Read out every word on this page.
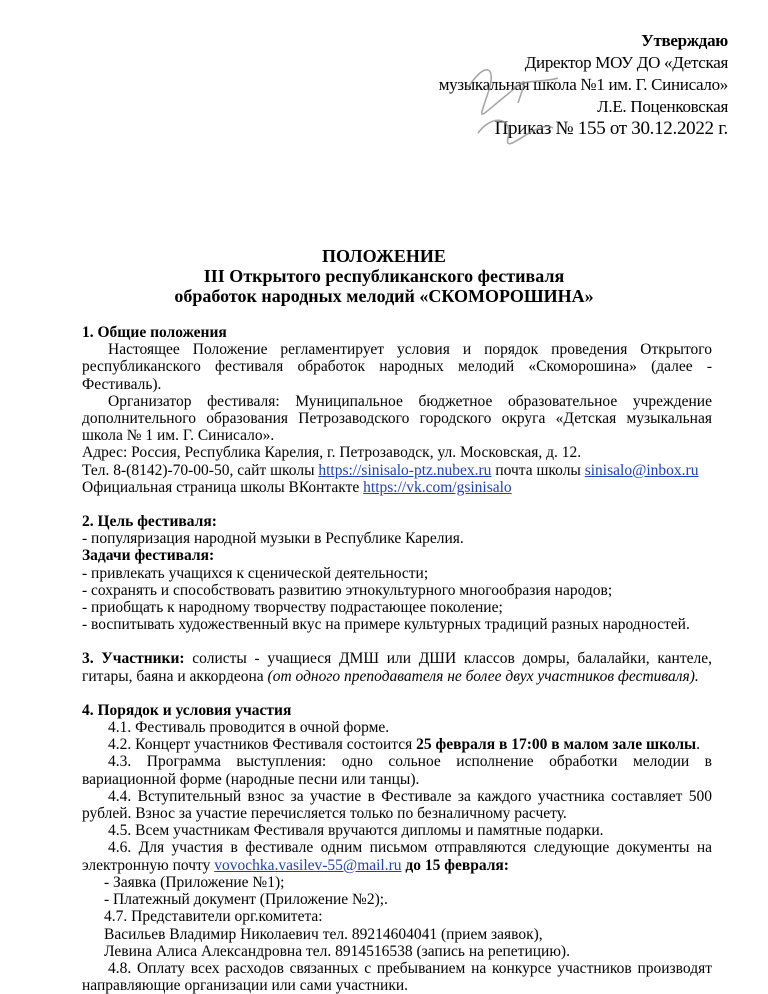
Утверждаю
Директор МОУ ДО «Детская
музыкальная школа №1 им. Г. Синисало»
Л.Е. Поценковская
Приказ № 155 от 30.12.2022 г.
ПОЛОЖЕНИЕ
III Открытого республиканского фестиваля
обработок народных мелодий «СКОМОРОШИНА»

1. Общие положения

Настоящее Положение регламентирует условия и порядок проведения Открытого республиканского фестиваля обработок народных мелодий «Скоморошина» (далее - Фестиваль).

Организатор фестиваля: Муниципальное бюджетное образовательное учреждение дополнительного образования Петрозаводского городского округа «Детская музыкальная школа № 1 им. Г. Синисало».

Адрес: Россия, Республика Карелия, г. Петрозаводск, ул. Московская, д. 12.

Тел. 8-(8142)-70-00-50, сайт школы https://sinisalo-ptz.nubex.ru почта школы sinisalo@inbox.ru

Официальная страница школы ВКонтакте https://vk.com/gsinisalo

2. Цель фестиваля:

- популяризация народной музыки в Республике Карелия.

Задачи фестиваля:

- привлекать учащихся к сценической деятельности;

- сохранять и способствовать развитию этнокультурного многообразия народов;

- приобщать к народному творчеству подрастающее поколение;

- воспитывать художественный вкус на примере культурных традиций разных народностей.

3. Участники: солисты - учащиеся ДМШ или ДШИ классов домры, балалайки, кантеле, гитары, баяна и аккордеона (от одного преподавателя не более двух участников фестиваля).

4. Порядок и условия участия

4.1. Фестиваль проводится в очной форме.

4.2. Концерт участников Фестиваля состоится 25 февраля в 17:00 в малом зале школы.

4.3. Программа выступления: одно сольное исполнение обработки мелодии в вариационной форме (народные песни или танцы).

4.4. Вступительный взнос за участие в Фестивале за каждого участника составляет 500 рублей. Взнос за участие перечисляется только по безналичному расчету.

4.5. Всем участникам Фестиваля вручаются дипломы и памятные подарки.

4.6. Для участия в фестивале одним письмом отправляются следующие документы на электронную почту vovochka.vasilev-55@mail.ru до 15 февраля:

- Заявка (Приложение №1);

- Платежный документ (Приложение №2);.

4.7. Представители орг.комитета:

Васильев Владимир Николаевич тел. 89214604041 (прием заявок),

Левина Алиса Александровна тел. 8914516538 (запись на репетицию).

4.8. Оплату всех расходов связанных с пребыванием на конкурсе участников производят направляющие организации или сами участники.
